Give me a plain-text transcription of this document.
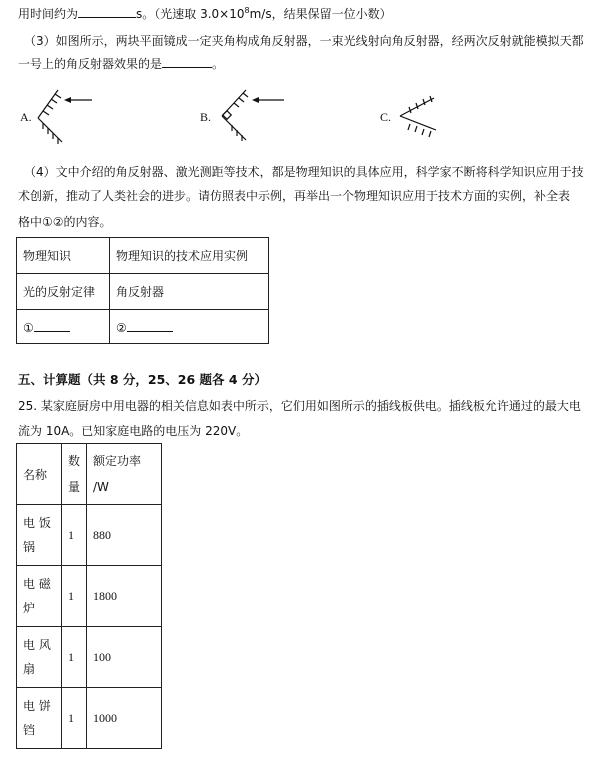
用时间约为	s。（光速取 $3.0\times 10^8m/s$，结果保留一位小数）
（3）如图所示，两块平面镜成一定夹角构成角反射器，一束光线射向角反射器，经两次反射就能模拟天都
一号上的角反射器效果的是	。
A.	B.	C.
（4）文中介绍的角反射器、激光测距等技术，都是物理知识的具体应用，科学家不断将科学知识应用于技
术创新，推动了人类社会的进步。请仿照表中示例，再举出一个物理知识应用于技术方面的实例，补全表
格中①②的内容。
物理知识	物理知识的技术应用实例
光的反射定律	角反射器
①	②
五、计算题（共 8 分，25、26 题各 4 分）
25. 某家庭厨房中用电器的相关信息如表中所示，它们用如图所示的插线板供电。插线板允许通过的最大电
流为 10A。已知家庭电路的电压为 220V。
名称	数量	额定功率 /W
电 饭 锅	1	880
电 磁 炉	1	1800
电 风 扇	1	100
电 饼 铛	1	1000
